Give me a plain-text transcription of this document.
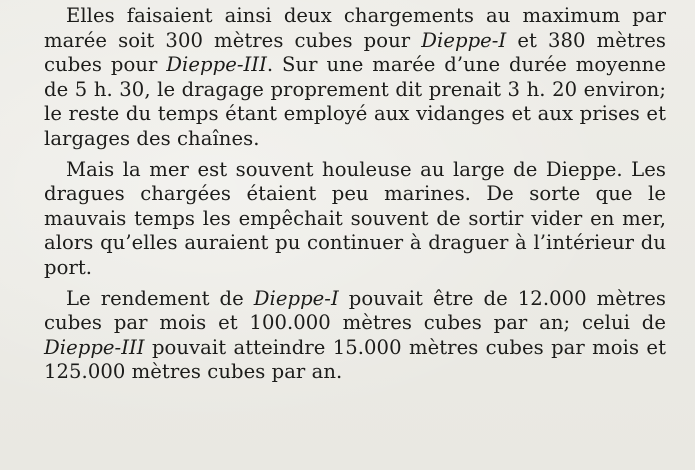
Elles faisaient ainsi deux chargements au maximum par marée soit 300 mètres cubes pour Dieppe-I et 380 mètres cubes pour Dieppe-III. Sur une marée d’une durée moyenne de 5 h. 30, le dragage proprement dit prenait 3 h. 20 environ; le reste du temps étant employé aux vidanges et aux prises et largages des chaînes.

Mais la mer est souvent houleuse au large de Dieppe. Les dragues chargées étaient peu marines. De sorte que le mauvais temps les empêchait souvent de sortir vider en mer, alors qu’elles auraient pu continuer à draguer à l’intérieur du port.

Le rendement de Dieppe-I pouvait être de 12.000 mètres cubes par mois et 100.000 mètres cubes par an; celui de Dieppe-III pouvait atteindre 15.000 mètres cubes par mois et 125.000 mètres cubes par an.
